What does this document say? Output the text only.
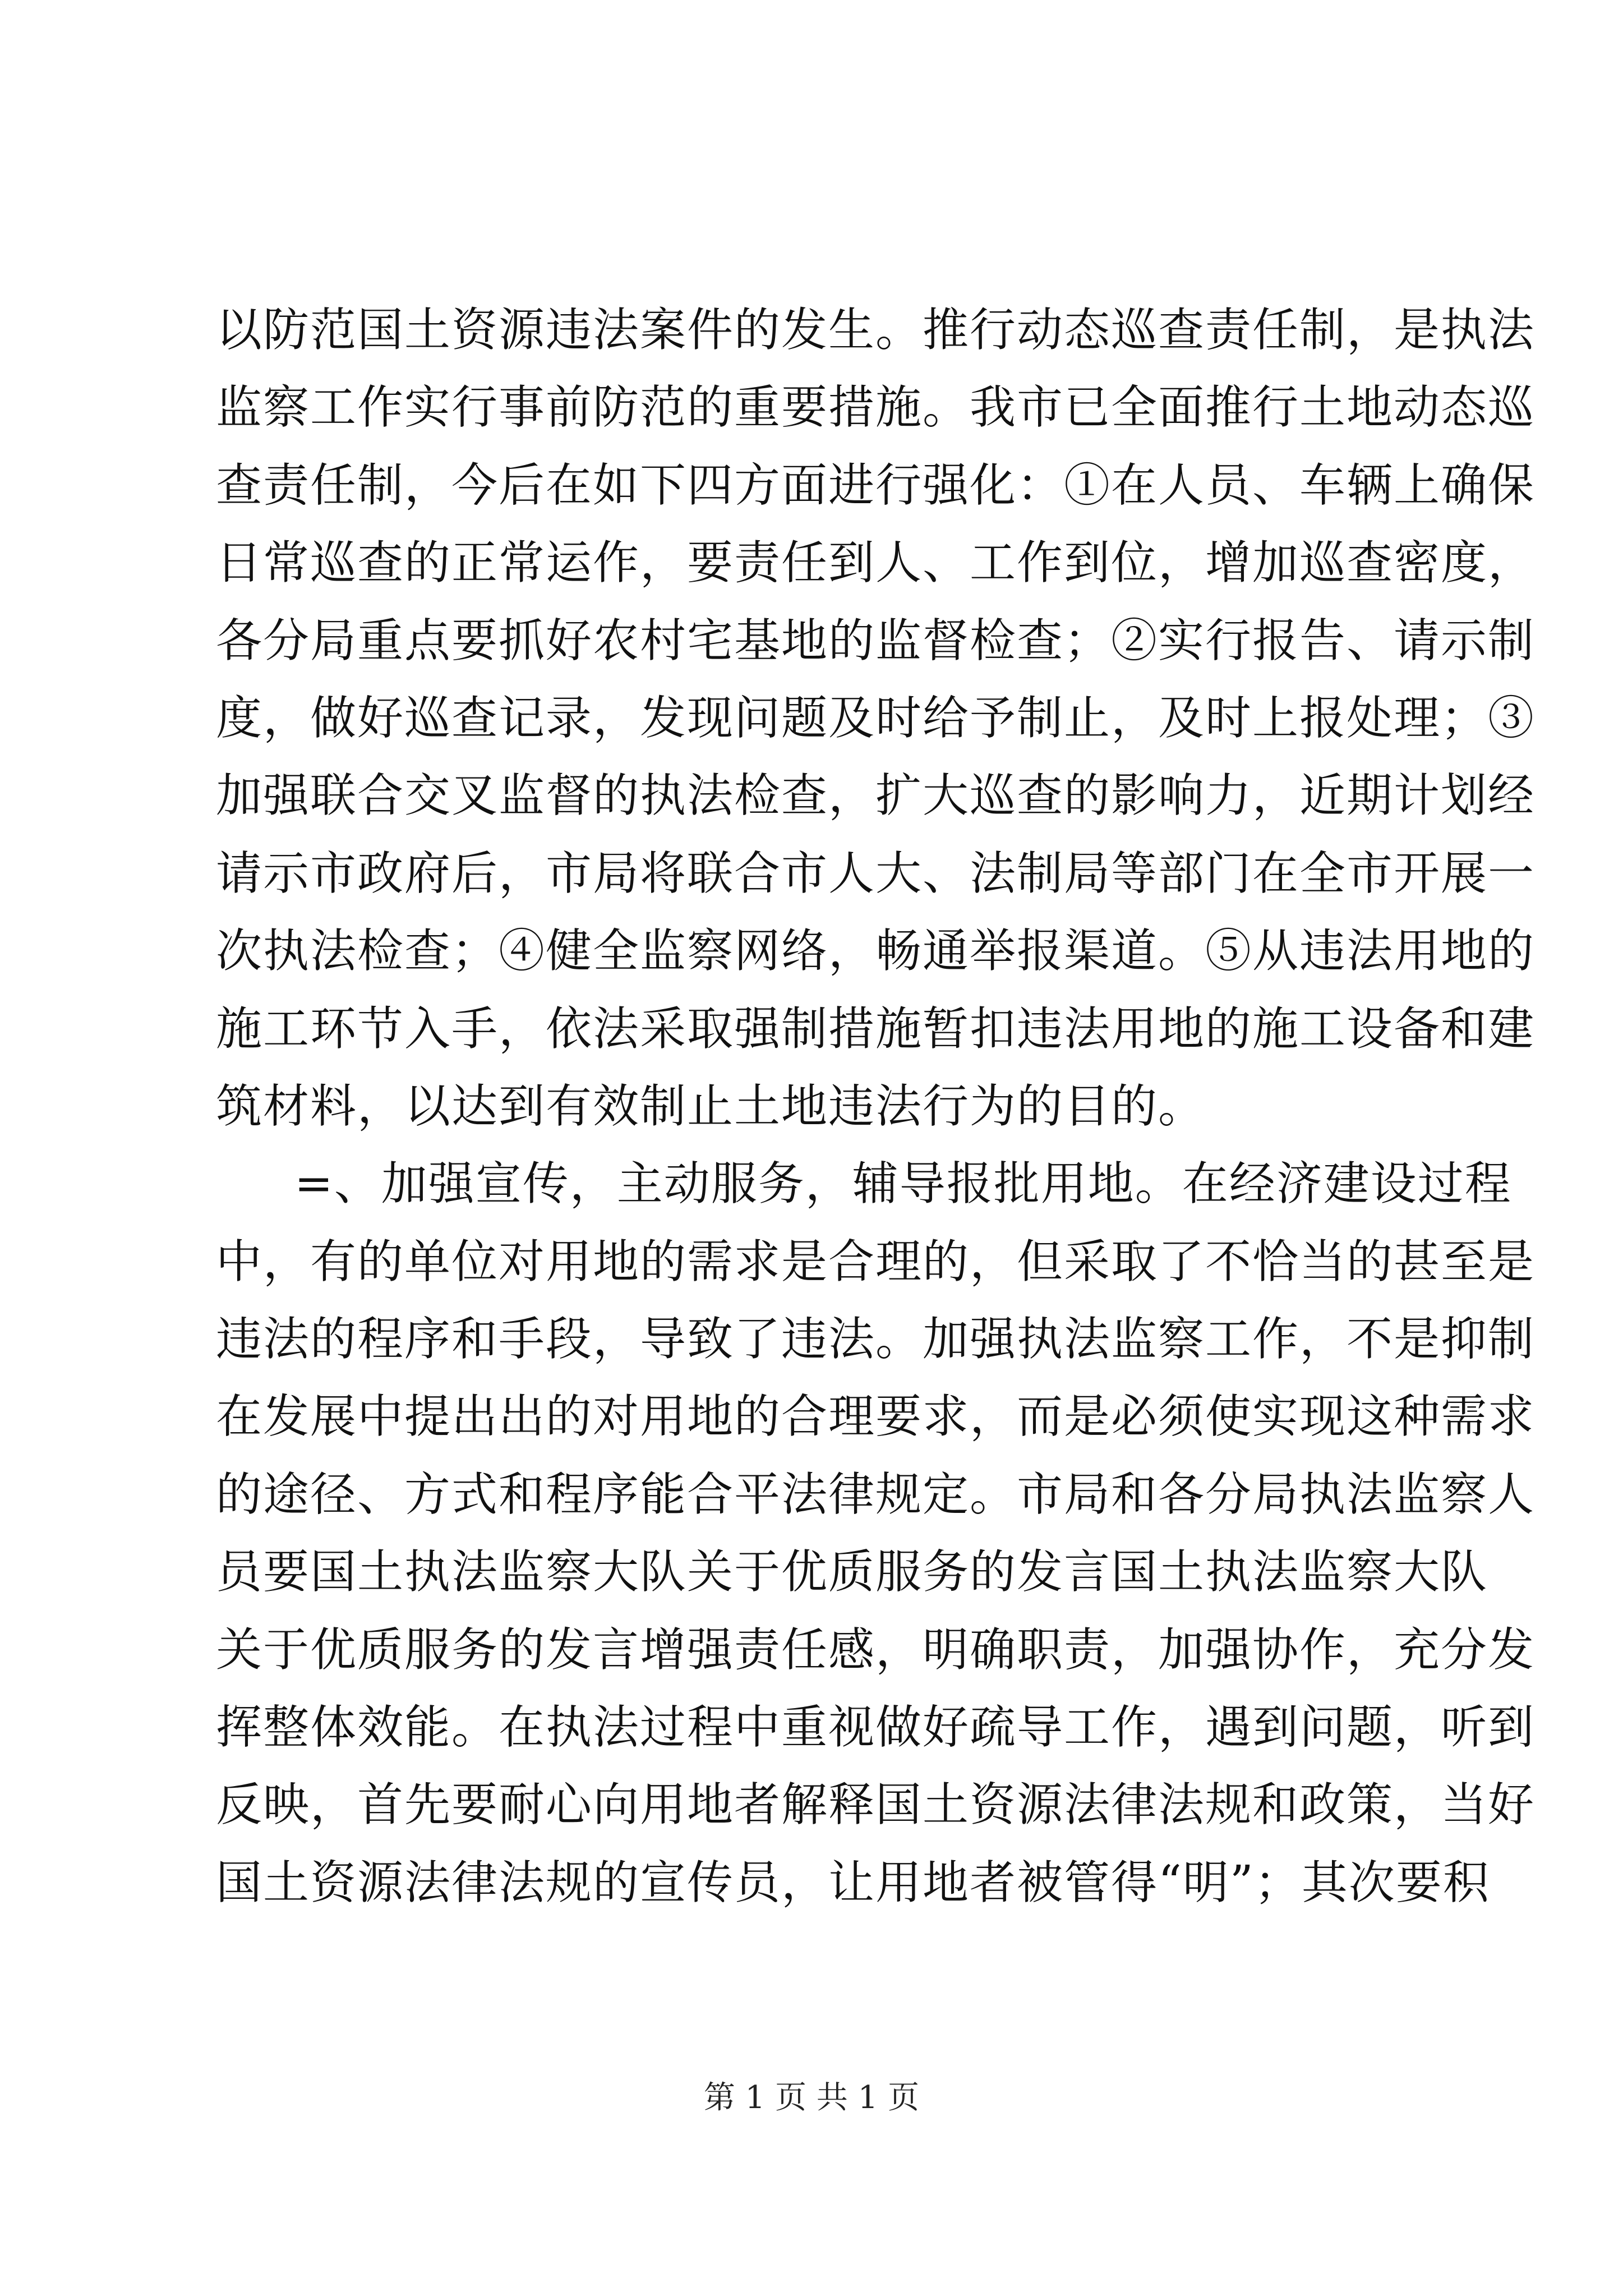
以防范国土资源违法案件的发生。推行动态巡查责任制，是执法
监察工作实行事前防范的重要措施。我市已全面推行土地动态巡
查责任制，今后在如下四方面进行强化：①在人员、车辆上确保
日常巡查的正常运作，要责任到人、工作到位，增加巡查密度，
各分局重点要抓好农村宅基地的监督检查；②实行报告、请示制
度，做好巡查记录，发现问题及时给予制止，及时上报处理；③
加强联合交叉监督的执法检查，扩大巡查的影响力，近期计划经
请示市政府后，市局将联合市人大、法制局等部门在全市开展一
次执法检查；④健全监察网络，畅通举报渠道。⑤从违法用地的
施工环节入手，依法采取强制措施暂扣违法用地的施工设备和建
筑材料，以达到有效制止土地违法行为的目的。
=、加强宣传，主动服务，辅导报批用地。在经济建设过程
中，有的单位对用地的需求是合理的，但采取了不恰当的甚至是
违法的程序和手段，导致了违法。加强执法监察工作，不是抑制
在发展中提出出的对用地的合理要求，而是必须使实现这种需求
的途径、方式和程序能合平法律规定。市局和各分局执法监察人
员要国土执法监察大队关于优质服务的发言国土执法监察大队
关于优质服务的发言增强责任感，明确职责，加强协作，充分发
挥整体效能。在执法过程中重视做好疏导工作，遇到问题，听到
反映，首先要耐心向用地者解释国土资源法律法规和政策，当好
国土资源法律法规的宣传员，让用地者被管得“明”；其次要积
第 1 页 共 1 页
